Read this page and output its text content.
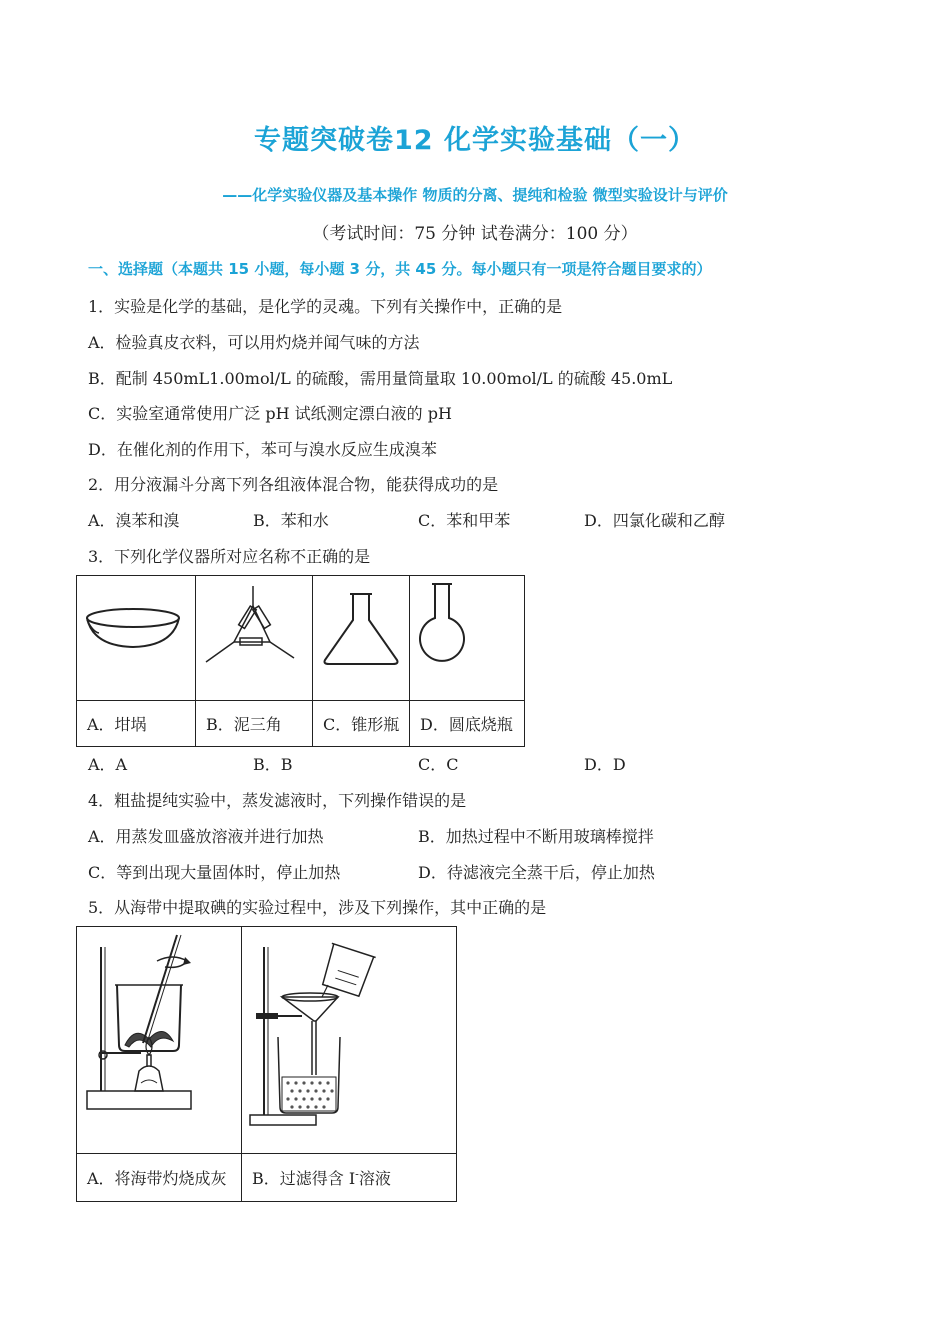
专题突破卷12 化学实验基础（一）
——化学实验仪器及基本操作 物质的分离、提纯和检验 微型实验设计与评价
（考试时间：75 分钟 试卷满分：100 分）
一、选择题（本题共 15 小题，每小题 3 分，共 45 分。每小题只有一项是符合题目要求的）
1．实验是化学的基础，是化学的灵魂。下列有关操作中，正确的是
A．检验真皮衣料，可以用灼烧并闻气味的方法
B．配制 450mL1.00mol/L 的硫酸，需用量筒量取 10.00mol/L 的硫酸 45.0mL
C．实验室通常使用广泛 pH 试纸测定漂白液的 pH
D．在催化剂的作用下，苯可与溴水反应生成溴苯
2．用分液漏斗分离下列各组液体混合物，能获得成功的是
A．溴苯和溴	B．苯和水	C．苯和甲苯	D．四氯化碳和乙醇
3．下列化学仪器所对应名称不正确的是

A．坩埚	B．泥三角	C．锥形瓶	D．圆底烧瓶
A．A	B．B	C．C	D．D
4．粗盐提纯实验中，蒸发滤液时，下列操作错误的是
A．用蒸发皿盛放溶液并进行加热	B．加热过程中不断用玻璃棒搅拌
C．等到出现大量固体时，停止加热	D．待滤液完全蒸干后，停止加热
5．从海带中提取碘的实验过程中，涉及下列操作，其中正确的是

A．将海带灼烧成灰	B．过滤得含 I-溶液
